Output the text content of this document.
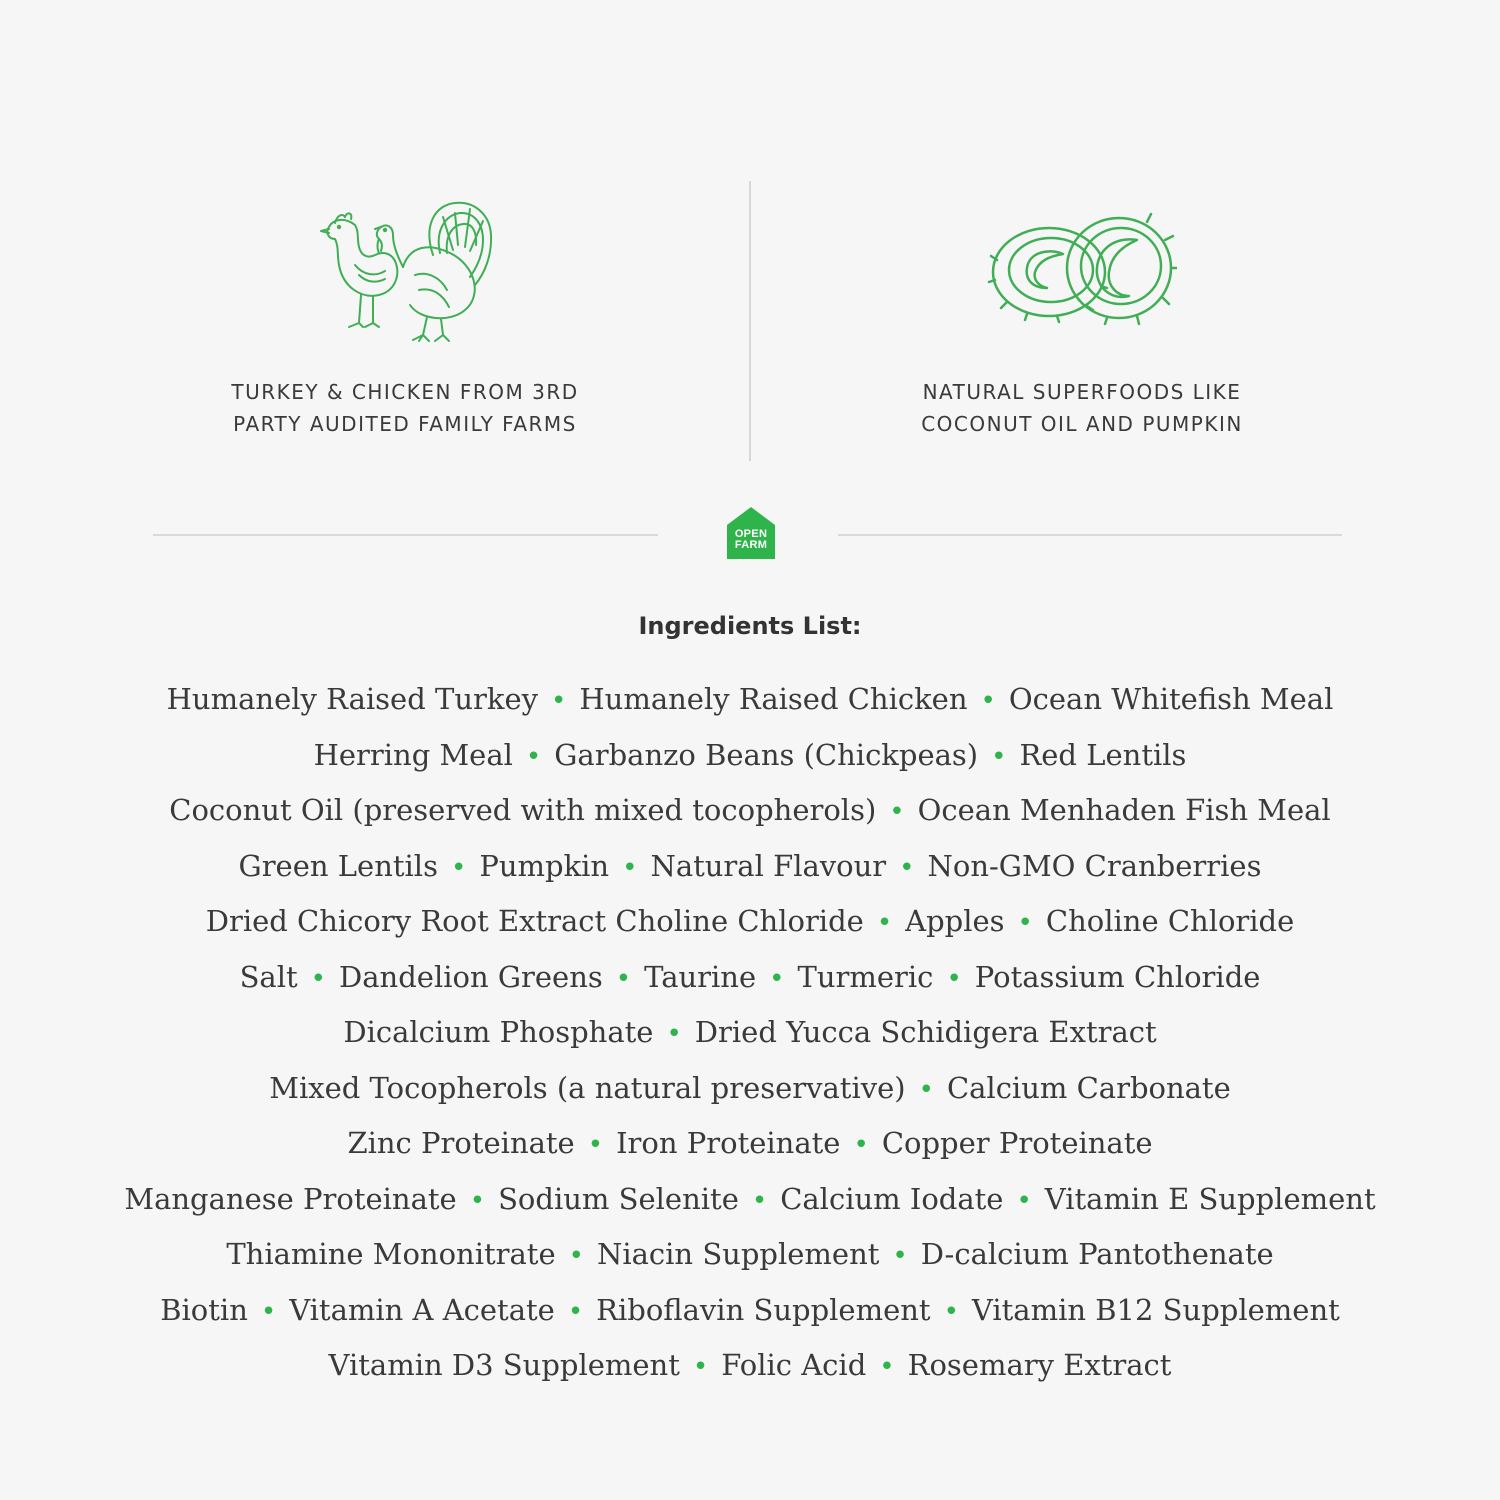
TURKEY & CHICKEN FROM 3RD
PARTY AUDITED FAMILY FARMS
NATURAL SUPERFOODS LIKE
COCONUT OIL AND PUMPKIN
OPEN
FARM
Ingredients List:
Humanely Raised Turkey • Humanely Raised Chicken • Ocean Whitefish Meal
Herring Meal • Garbanzo Beans (Chickpeas) • Red Lentils
Coconut Oil (preserved with mixed tocopherols) • Ocean Menhaden Fish Meal
Green Lentils • Pumpkin • Natural Flavour • Non-GMO Cranberries
Dried Chicory Root Extract Choline Chloride • Apples • Choline Chloride
Salt • Dandelion Greens • Taurine • Turmeric • Potassium Chloride
Dicalcium Phosphate • Dried Yucca Schidigera Extract
Mixed Tocopherols (a natural preservative) • Calcium Carbonate
Zinc Proteinate • Iron Proteinate • Copper Proteinate
Manganese Proteinate • Sodium Selenite • Calcium Iodate • Vitamin E Supplement
Thiamine Mononitrate • Niacin Supplement • D-calcium Pantothenate
Biotin • Vitamin A Acetate • Riboflavin Supplement • Vitamin B12 Supplement
Vitamin D3 Supplement • Folic Acid • Rosemary Extract
